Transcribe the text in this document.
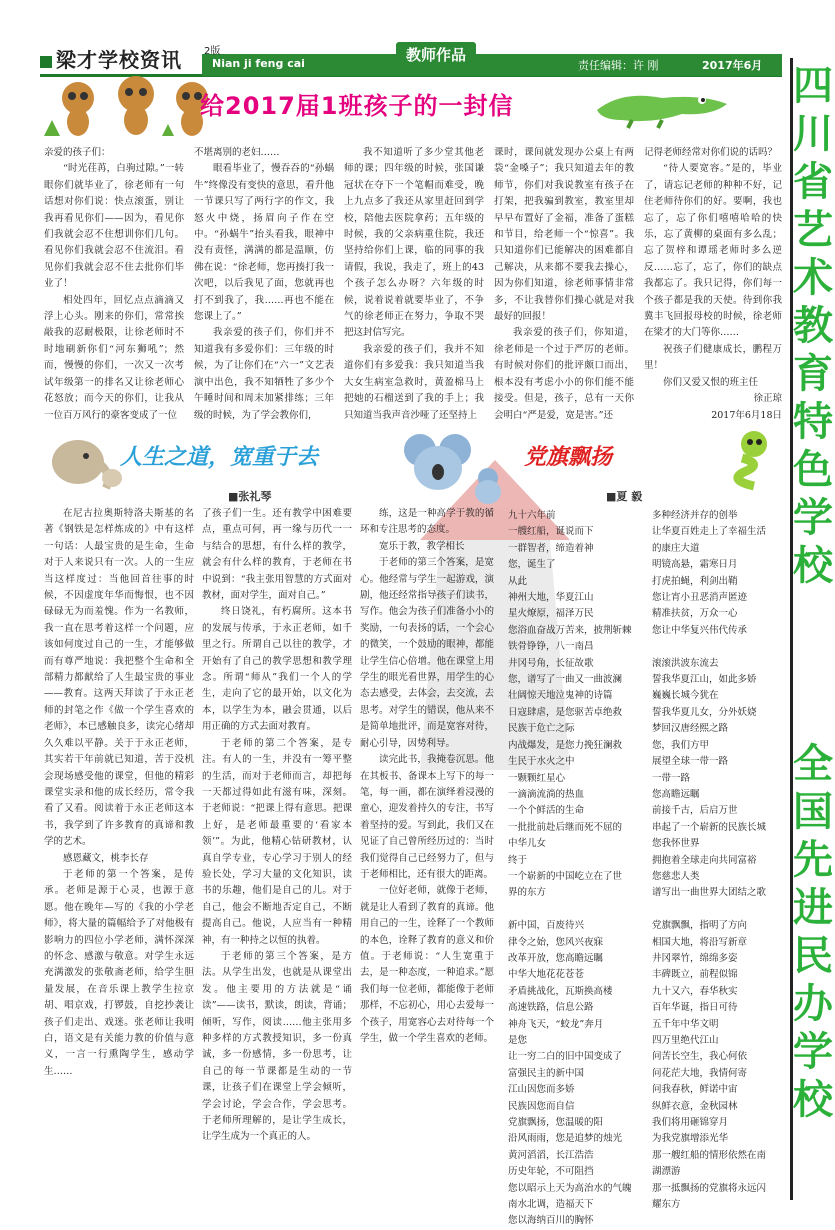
梁才学校资讯 2版
Nian ji feng cai	教师作品
责任编辑：许 刚	2017年6月 四
川
省
艺
术
教
育
特
色
学
校
全
国
先
进
民
办
学
校
给2017届1班孩子的一封信

亲爱的孩子们：

“时光荏苒，白驹过隙。”一转眼你们就毕业了，徐老师有一句话想对你们说：快点滚蛋，别让我再看见你们——因为，看见你们我就会忍不住想训你们几句。看见你们我就会忍不住流泪。看见你们我就会忍不住去批你们毕业了！

相处四年，回忆点点滴滴又浮上心头。刚来的你们，常常挨敲我的忍耐极限，让徐老师时不时地刷新你们“河东狮吼”；然而，慢慢的你们，一次又一次考试年级第一的排名又让徐老师心花怒放；而今天的你们，让我从一位百万风行的豪客变成了一位

不堪离别的老妇……

眼看毕业了，慢吞吞的“孙蜗牛”终像没有变快的意思，看升他一节课只写了两行字的作文，我怒火中烧，扬眉向子作在空中。“孙蜗牛”抬头看我，眼神中没有责怪，满满的都是温顺，仿佛在说：“徐老师，您再揍打我一次吧，以后我见了面，您就再也打不到我了，我……再也不能在您课上了。”

我亲爱的孩子们，你们并不知道我有多爱你们：三年级的时候，为了让你们在“六一”文艺表演中出色，我不知牺牲了多少个午睡时间和周末加紧排练；三年级的时候，为了学会教你们，

我不知道听了多少堂其他老师的课；四年级的时候，张国谦冠状在夺下一个笔帽而难受，晚上九点多了我还从家里赶回到学校，陪他去医院拿药；五年级的时候，我的父亲病重住院，我还坚持给你们上课，临的同事的我请假，我说，我走了，班上的43个孩子怎么办呀？六年级的时候，说着说着就要毕业了，不争气的徐老师正在努力，争取不哭把这封信写完。

我亲爱的孩子们，我并不知道你们有多爱我：我只知道当我大女生病室急救时，黄盈棉马上把她的石榴送到了我的手上；我只知道当我声音沙哑了还坚持上

课时，课间就发现办公桌上有两袋“金嗓子”；我只知道去年的教师节，你们对我说教室有孩子在打架，把我骗到教室，教室里却早早布置好了金福，准备了蛋糕和节目，给老师一个“惊喜”。我只知道你们已能解决的困难都自己解决，从来都不要我去操心，因为你们知道，徐老师事情非常多，不让我替你们操心就是对我最好的回报！

我亲爱的孩子们，你知道，徐老师是一个过于严厉的老师。有时候对你们的批评颇口而出，根本没有考虑小小的你们能不能接受。但是，孩子，总有一天你会明白“严是爱，宽是害。”还

记得老师经常对你们说的话吗？

“待人要宽容。”是的，毕业了，请忘记老师的种种不好，记住老师待你们的好。要啊，我也忘了，忘了你们嘻嘻哈哈的快乐，忘了黄柳的桌面有多么乱；忘了贺梓和谭瑶老师时多么逆反……忘了，忘了，你们的缺点我都忘了。我只记得，你们每一个孩子都是我的天使。待到你我冀丰飞回报母校的时候，徐老师在梁才的大门等你……

祝孩子们健康成长，鹏程万里！

你们又爱又恨的班主任

徐正琼

2017年6月18日

人生之道，宽重于去
■张礼琴
党旗飘扬
■夏 毅

在尼古拉奥斯特洛夫斯基的名著《钢铁是怎样炼成的》中有这样一句话：人最宝贵的是生命，生命对于人来说只有一次。人的一生应当这样度过：当他回首往事的时候，不因虚度年华而悔恨，也不因碌碌无为而羞愧。作为一名教师，我一直在思考着这样一个问题，应该如何度过自己的一生，才能够做而有尊严地说：我把整个生命和全部精力都献给了人生最宝贵的事业——教育。这两天拜读了于永正老师的封笔之作《做一个学生喜欢的老师》，本已感触良多，读完心绪却久久难以平静。关于于永正老师，其实若干年前就已知道，苦于没机会现场感受他的课堂，但他的精彩课堂实录和他的成长经历，常令我看了又看。阅读着于永正老师这本书，我学到了许多教育的真谛和教学的艺术。

感恩藏文，桃李长存

于老师的第一个答案，是传承。老师是源于心灵，也源于意愿。他在晚年—写的《我的小学老师》，将大量的篇幅给予了对他极有影响力的四位小学老师，满怀深深的怀念、感激与敬意。对学生永远充满激发的张敬斋老师，给学生胆量发展，在音乐课上教学生拉京胡、唱京戏，打锣鼓，自挖抄袭让孩子们走出、戏迷。张老师让我明白，语文是有关能力教的价值与意义，一言一行熏陶学生，感动学生……

了孩子们一生。还有教学中困难要点，重点可何，再一缘与历代一一与结合的思想，有什么样的教学，就会有什么样的教育，于老师在书中说到：“我主张用智慧的方式面对教材，面对学生，面对自己。”

终日饶礼，有朽腐所。这本书的发展与传承，于永正老师，如千里之行。所谓自己以往的教学，才开始有了自己的教学思想和教学理念。所谓“师从”我们一个人的学生，走向了它的最开始，以文化为本，以学生为本，融会贯通，以后用正确的方式去面对教育。

于老师的第二个答案，是专注。有人的一生，并没有一筹平整的生活，而对于老师而言，却把每一天都过得如此有滋有味，深刻。于老师说：“把课上得有意思。把课上好，是老师最重要的‘看家本领’”。为此，他精心钻研教材，认真自学专业，专心学习于别人的经验长处，学习大量的文化知识，读书的乐趣，他们是自己的儿。对于自己，他会不断地否定自己，不断提高自己。他说，人应当有一种精神，有一种持之以恒的执着。

于老师的第三个答案，是方法。从学生出发，也就是从课堂出发。他主要用的方法就是“诵读”——读书，默读，朗读，背诵；倾听，写作，阅读……他主张用多种多样的方式教授知识，多一份真诚，多一份感情，多一份思考，让自己的每一节课都是生动的一节课，让孩子们在课堂上学会倾听，学会讨论，学会合作，学会思考。于老师所理解的，是让学生成长，让学生成为一个真正的人。

练，这是一种高学于教的循环和专注思考的态度。

宽乐于教，教学相长

于老师的第三个答案，是宽心。他经常与学生一起游戏，演剧，他还经常指导孩子们读书，写作。他会为孩子们准备小小的奖励，一句表扬的话，一个会心的微笑，一个鼓励的眼神，都能让学生信心倍增。他在课堂上用学生的眼光看世界，用学生的心态去感受，去体会，去交流，去思考。对学生的错误，他从来不是简单地批评，而是宽容对待，耐心引导，因势利导。

读完此书，我掩卷沉思。他在其板书、备课本上写下的每一笔，每一画，都在演绎着浸漫的童心，迎发着持久的专注，书写着坚持的爱。写到此，我们又在见证了自己曾所经历过的：当时我们觉得自己已经努力了，但与于老师相比，还有很大的距离。

一位好老师，就像于老师，就是让人看到了教育的真谛。他用自己的一生，诠释了一个教师的本色，诠释了教育的意义和价值。于老师说：“人生宽重于去，是一种态度，一种追求。”愿我们每一位老师，都能像于老师那样，不忘初心，用心去爱每一个孩子，用宽容心去对待每一个学生，做一个学生喜欢的老师。

九十六年前
一艘红船，诞说而下
一群智者，缔造着神
您，诞生了
从此
神州大地，华夏江山
星火燎原，福泽万民
您浴血奋战万苦来，披荆斩棘
铁骨铮铮，八一南昌
井冈号角，长征故歌
您，谱写了一曲又一曲波澜
壮阔惊天地泣鬼神的诗篇
日寇肆虐，是您驱苦卓绝救
民族于危亡之际
内战爆发，是您力挽狂澜救
生民于水火之中
一颗颗红星心
一滴滴流淌的热血
一个个鲜活的生命
一批批前赴后继而死不屈的
中华儿女
终于
一个崭新的中国屹立在了世
界的东方

新中国，百废待兴
律令之始，您风兴夜寐
改革开放，您高瞻远瞩
中华大地花花苍苍
矛盾挑战化，瓦斯换高楼
高速铁路，信息公路
神舟飞天，“蛟龙”奔月
是您
让一穷二白的旧中国变成了
富强民主的新中国
江山因您而多娇
民族因您而自信
党旗飘扬，您温暖的阳
沿风雨雨，您是追梦的烛光
黄河滔滔，长江浩浩
历史年轮，不可阻挡
您以昭示上天为高治水的气魄
南水北调，造福天下
您以海纳百川的胸怀
多种经济并存的创举
让华夏百姓走上了幸福生活
的康庄大道
明镜高悬，霜寒日月
打虎拍蝇，利剑出鞘
您让宵小丑恶消声匿迹
精准扶贫，万众一心
您让中华复兴伟代传承

滚滚洪波东流去
誓我华夏江山，如此多娇
巍巍长城今犹在
誓我华夏儿女，分外妖娆
梦回汉唐经熙之路
您，我们方甲
展望全球一带一路
一带一路
您高瞻远瞩
前接千古，后启万世
串起了一个崭新的民族长城
您我怀世界
拥抱着全球走向共同富裕
您慈悲人类
谱写出一曲世界大团结之歌

党旗飘飘，指明了方向
相国大地，将沿写新章
井冈翠竹，绵绵多姿
丰碑既立，前程似锦
九十又六，春华秋实
百年华诞，指日可待
五千年中华文明
四万里绝代江山
问苦长空生，我心何依
问花茫大地，我情何寄
问我春秋，鲜诺中宙
纵鲜衣意，金秋园林
我们将用砸锦穿月
为我党旗增添光华
那一艘红船的情形依然在南
湖漂游
那一抵飘扬的党旗将永远闪
耀东方
